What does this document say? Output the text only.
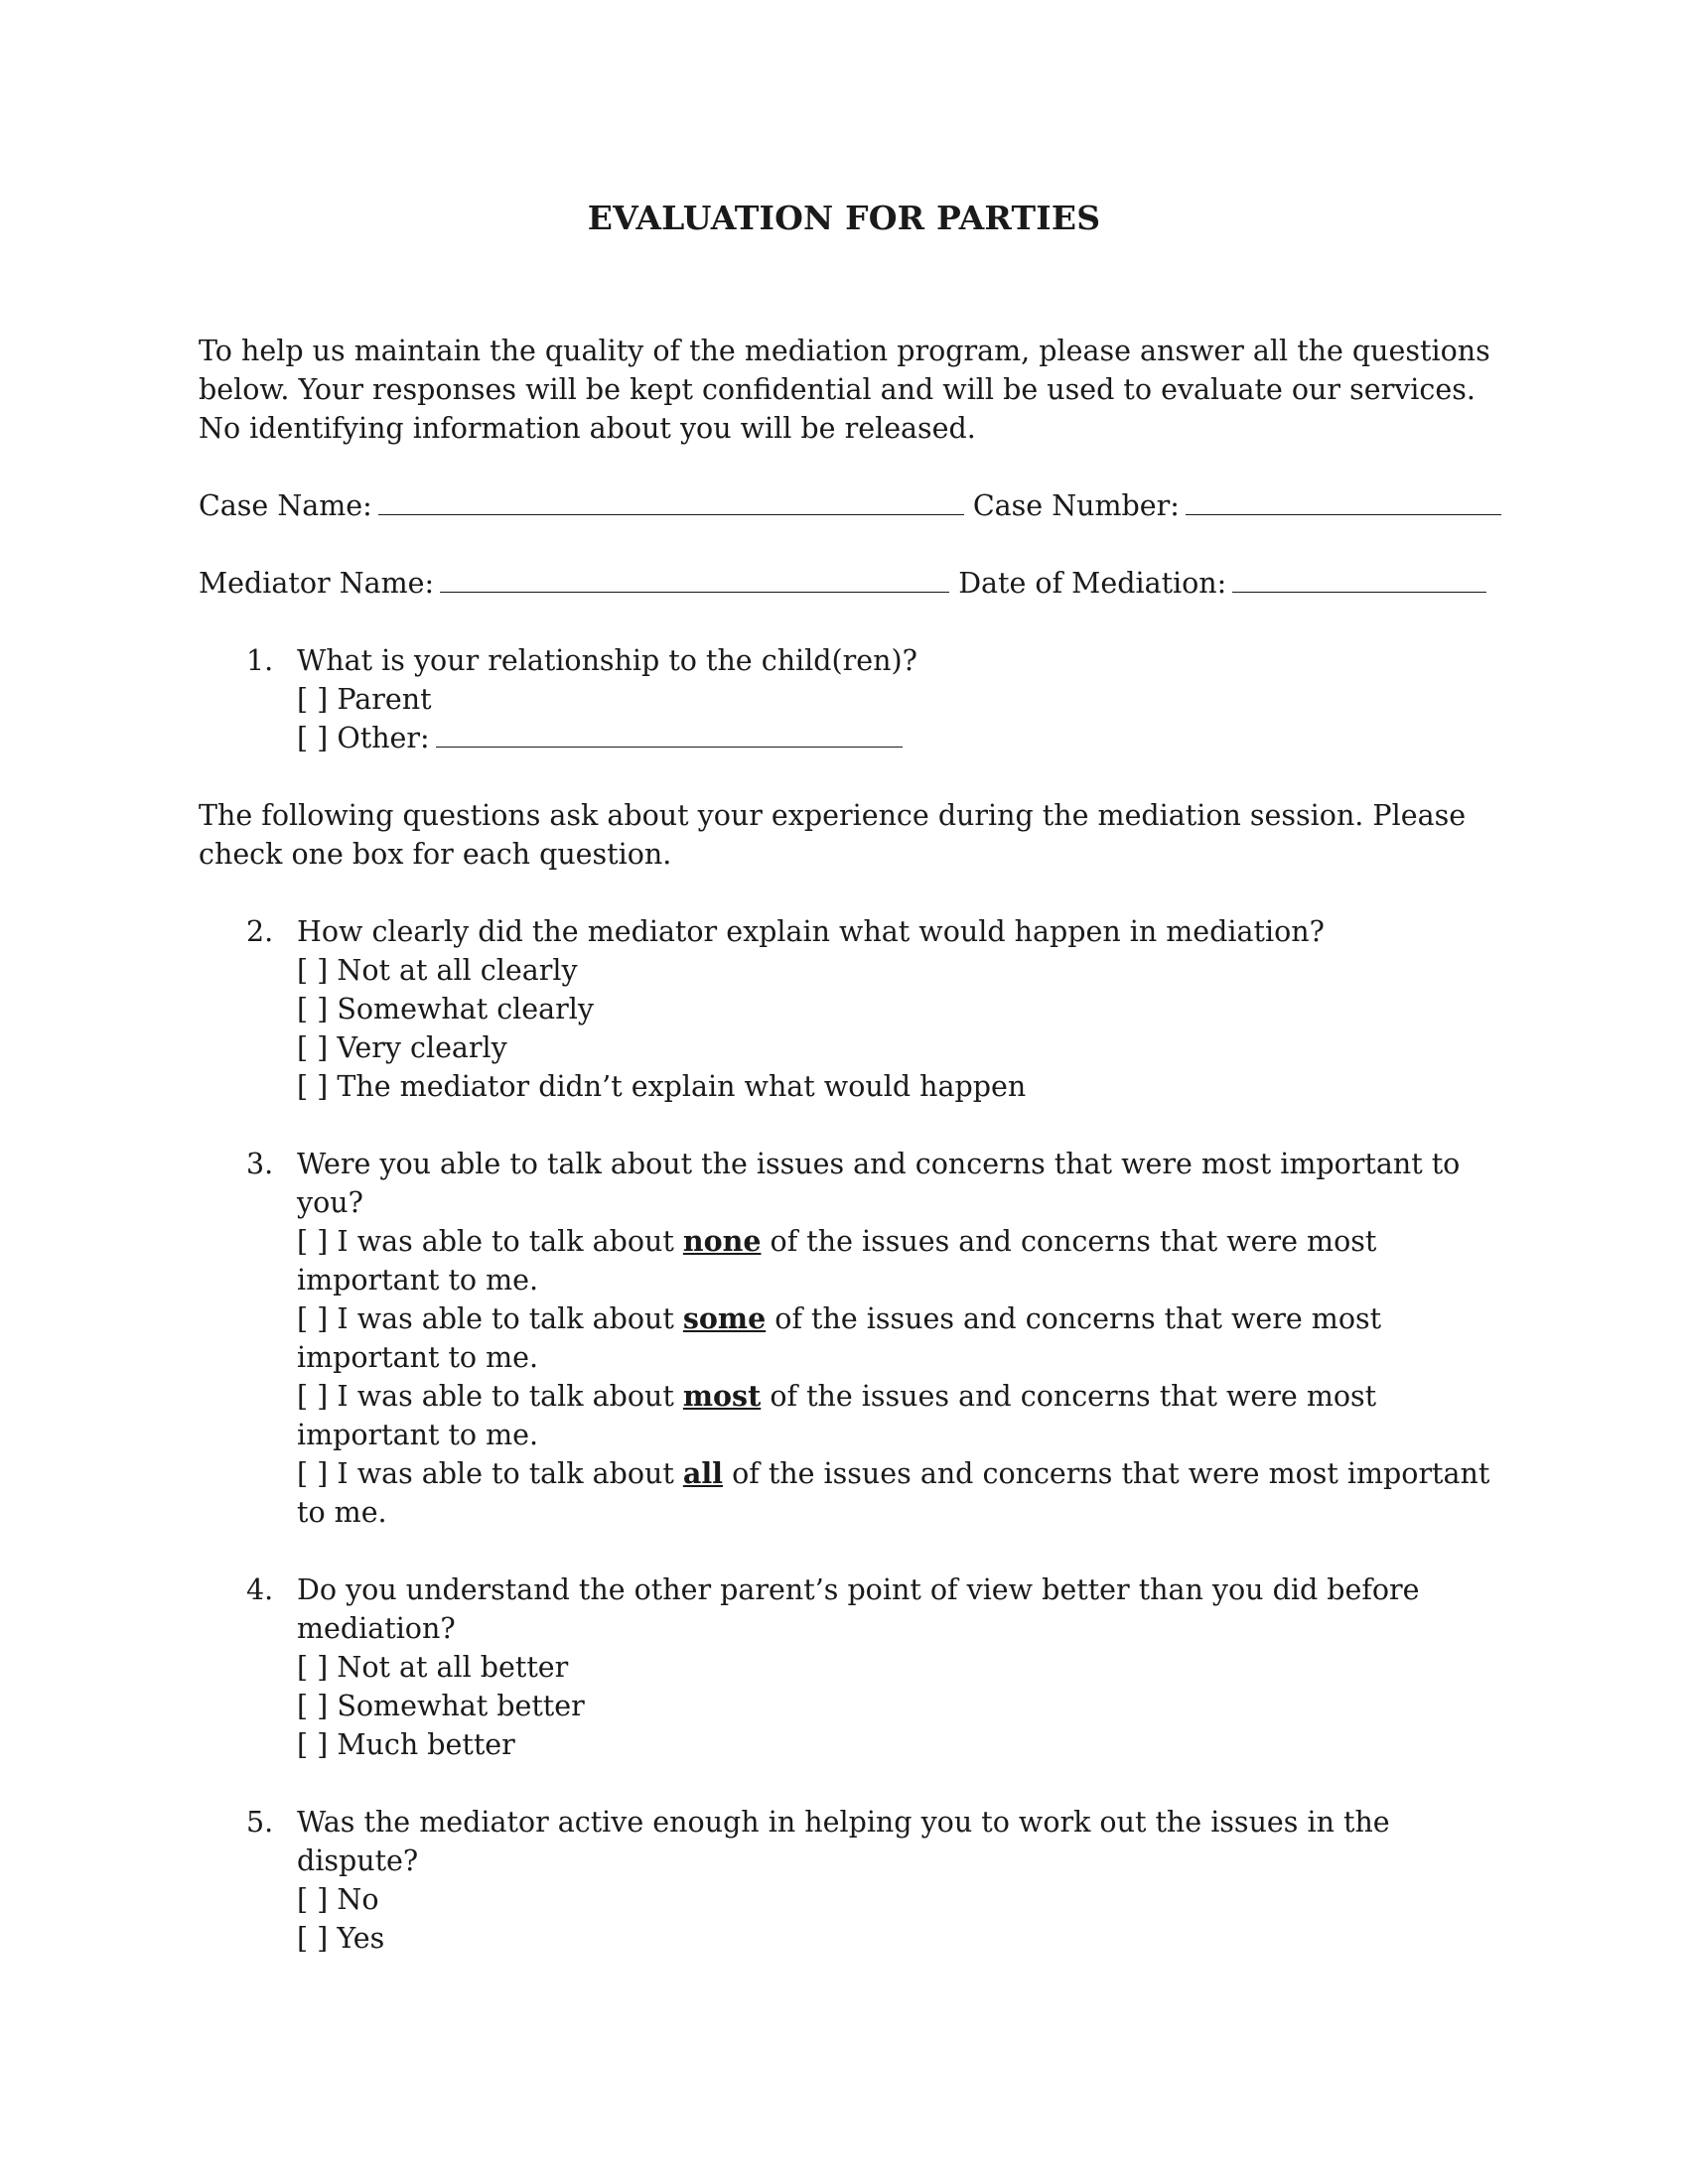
EVALUATION FOR PARTIES
To help us maintain the quality of the mediation program, please answer all the questions
below. Your responses will be kept confidential and will be used to evaluate our services.
No identifying information about you will be released.
Case Name:	Case Number:
Mediator Name:	Date of Mediation:
1. What is your relationship to the child(ren)?
[ ] Parent
[ ] Other:
The following questions ask about your experience during the mediation session. Please
check one box for each question.
2. How clearly did the mediator explain what would happen in mediation?
[ ] Not at all clearly
[ ] Somewhat clearly
[ ] Very clearly
[ ] The mediator didn’t explain what would happen
3. Were you able to talk about the issues and concerns that were most important to
you?
[ ] I was able to talk about none of the issues and concerns that were most
important to me.
[ ] I was able to talk about some of the issues and concerns that were most
important to me.
[ ] I was able to talk about most of the issues and concerns that were most
important to me.
[ ] I was able to talk about all of the issues and concerns that were most important
to me.
4. Do you understand the other parent’s point of view better than you did before
mediation?
[ ] Not at all better
[ ] Somewhat better
[ ] Much better
5. Was the mediator active enough in helping you to work out the issues in the
dispute?
[ ] No
[ ] Yes
